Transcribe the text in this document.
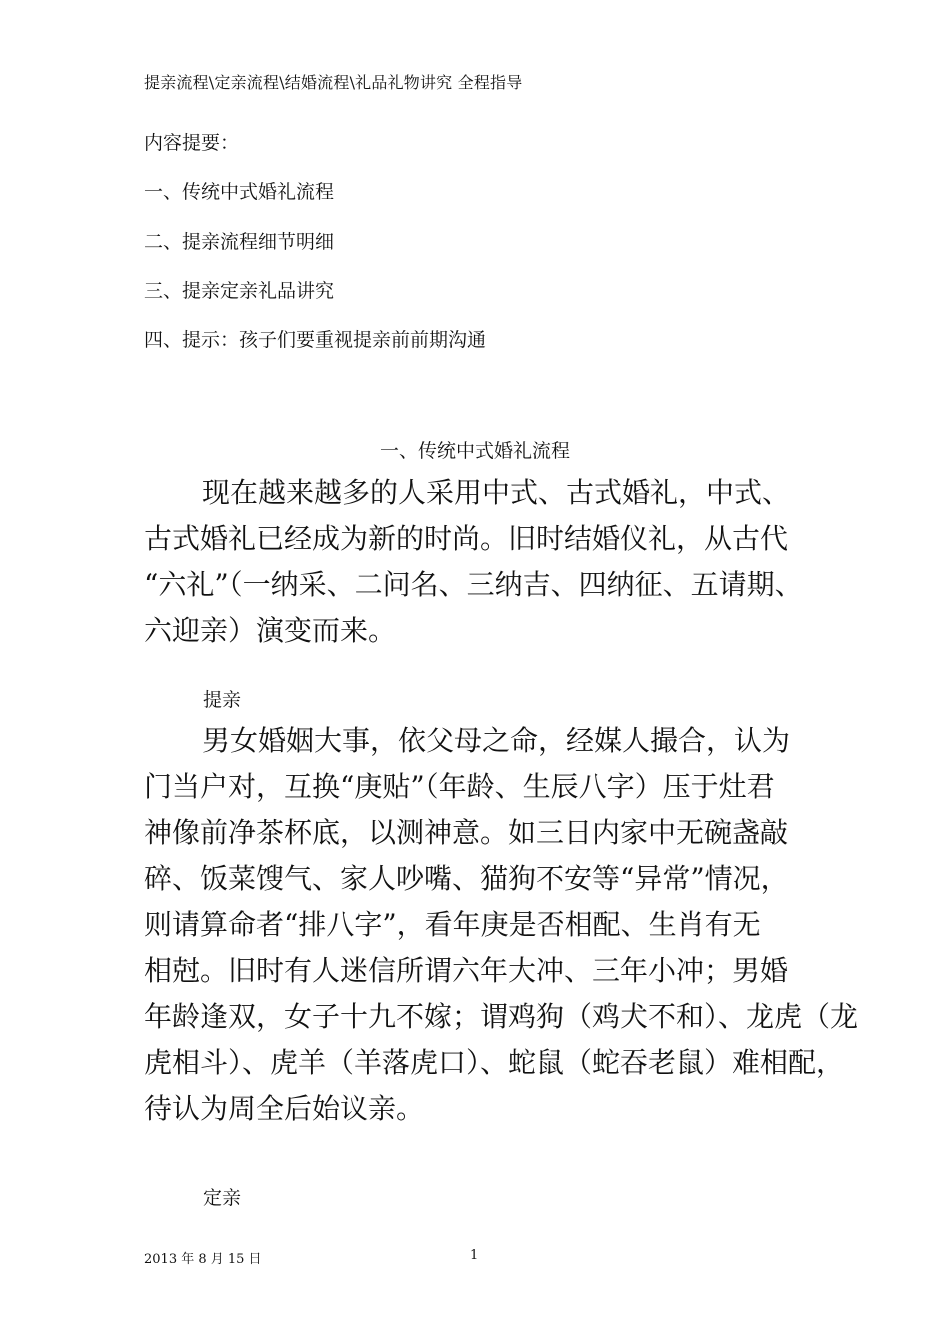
提亲流程\定亲流程\结婚流程\礼品礼物讲究 全程指导
内容提要：
一、传统中式婚礼流程
二、提亲流程细节明细
三、提亲定亲礼品讲究
四、提示：孩子们要重视提亲前前期沟通
一、传统中式婚礼流程
现在越来越多的人采用中式、古式婚礼，中式、
古式婚礼已经成为新的时尚。旧时结婚仪礼，从古代
“六礼”（一纳采、二问名、三纳吉、四纳征、五请期、
六迎亲）演变而来。
提亲
男女婚姻大事，依父母之命，经媒人撮合，认为
门当户对，互换“庚贴”（年龄、生辰八字）压于灶君
神像前净茶杯底，以测神意。如三日内家中无碗盏敲
碎、饭菜馊气、家人吵嘴、猫狗不安等“异常”情况，
则请算命者“排八字”，看年庚是否相配、生肖有无
相尅。旧时有人迷信所谓六年大冲、三年小冲；男婚
年龄逢双，女子十九不嫁；谓鸡狗（鸡犬不和）、龙虎（龙
虎相斗）、虎羊（羊落虎口）、蛇鼠（蛇吞老鼠）难相配，
待认为周全后始议亲。
定亲
2013 年 8 月 15 日	1
